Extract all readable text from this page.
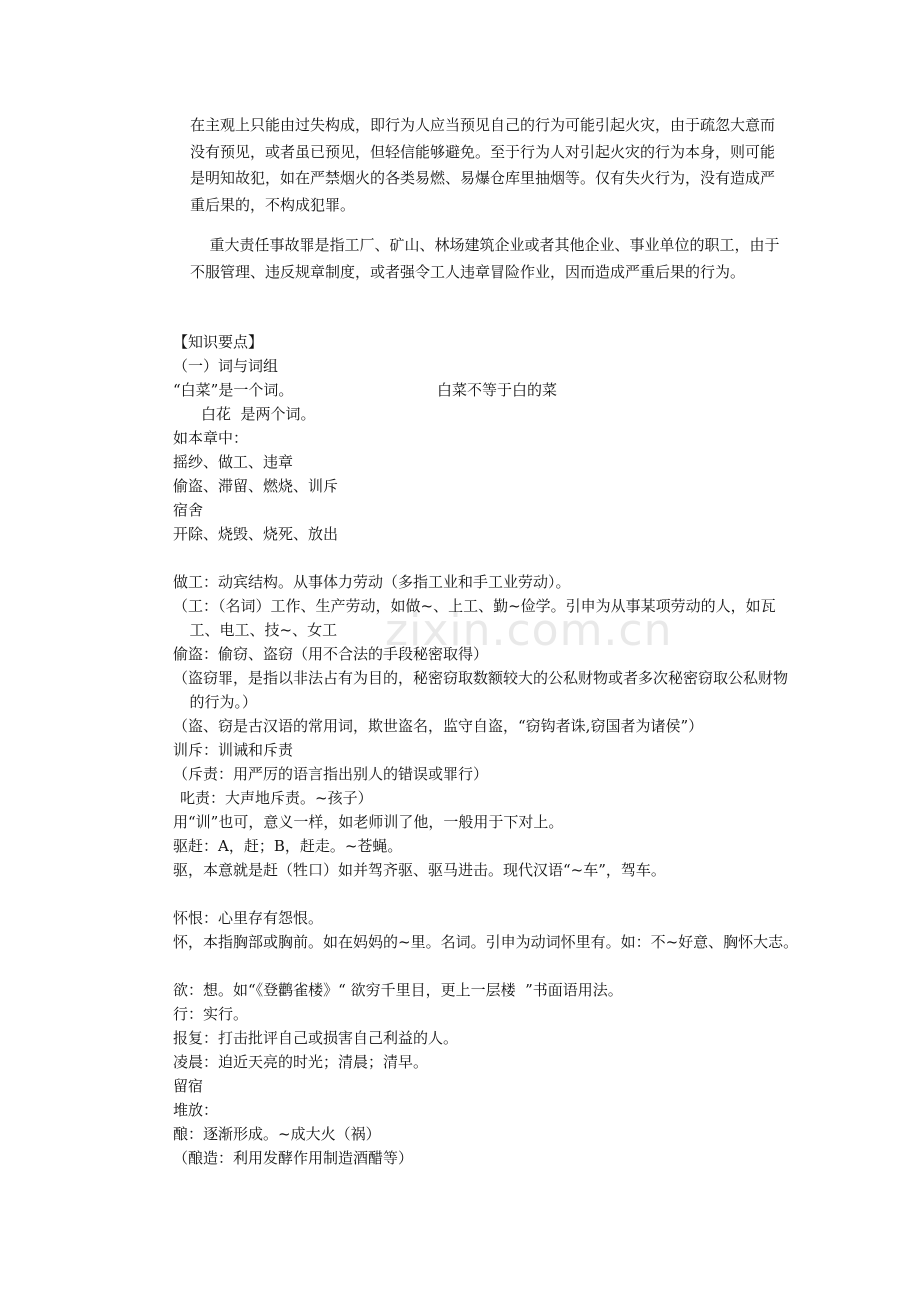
在主观上只能由过失构成，即行为人应当预见自己的行为可能引起火灾，由于疏忽大意而没有预见，或者虽已预见，但轻信能够避免。至于行为人对引起火灾的行为本身，则可能是明知故犯，如在严禁烟火的各类易燃、易爆仓库里抽烟等。仅有失火行为，没有造成严重后果的，不构成犯罪。
重大责任事故罪是指工厂、矿山、林场建筑企业或者其他企业、事业单位的职工，由于不服管理、违反规章制度，或者强令工人违章冒险作业，因而造成严重后果的行为。
【知识要点】
（一）词与词组
“白菜”是一个词。	白菜不等于白的菜
白花  是两个词。
如本章中：
摇纱、做工、违章
偷盗、滞留、燃烧、训斥
宿舍
开除、烧毁、烧死、放出
做工：动宾结构。从事体力劳动（多指工业和手工业劳动）。
（工：（名词）工作、生产劳动，如做~、上工、勤~俭学。引申为从事某项劳动的人，如瓦工、电工、技~、女工
偷盗：偷窃、盗窃（用不合法的手段秘密取得）
（盗窃罪，是指以非法占有为目的，秘密窃取数额较大的公私财物或者多次秘密窃取公私财物的行为。）
（盗、窃是古汉语的常用词，欺世盗名，监守自盗，“窃钩者诛,窃国者为诸侯”）
训斥：训诫和斥责
（斥责：用严厉的语言指出别人的错误或罪行）
叱责：大声地斥责。~孩子）
用“训”也可，意义一样，如老师训了他，一般用于下对上。
驱赶：A，赶；B，赶走。~苍蝇。
驱，本意就是赶（牲口）如并驾齐驱、驱马进击。现代汉语“~车”，驾车。
怀恨：心里存有怨恨。
怀，本指胸部或胸前。如在妈妈的~里。名词。引申为动词怀里有。如：不~好意、胸怀大志。
欲：想。如“《登鹳雀楼》“ 欲穷千里目，更上一层楼  ”书面语用法。
行：实行。
报复：打击批评自己或损害自己利益的人。
凌晨：迫近天亮的时光；清晨；清早。
留宿
堆放：
酿：逐渐形成。~成大火（祸）
（酿造：利用发酵作用制造酒醋等）
zixin.com.cn
